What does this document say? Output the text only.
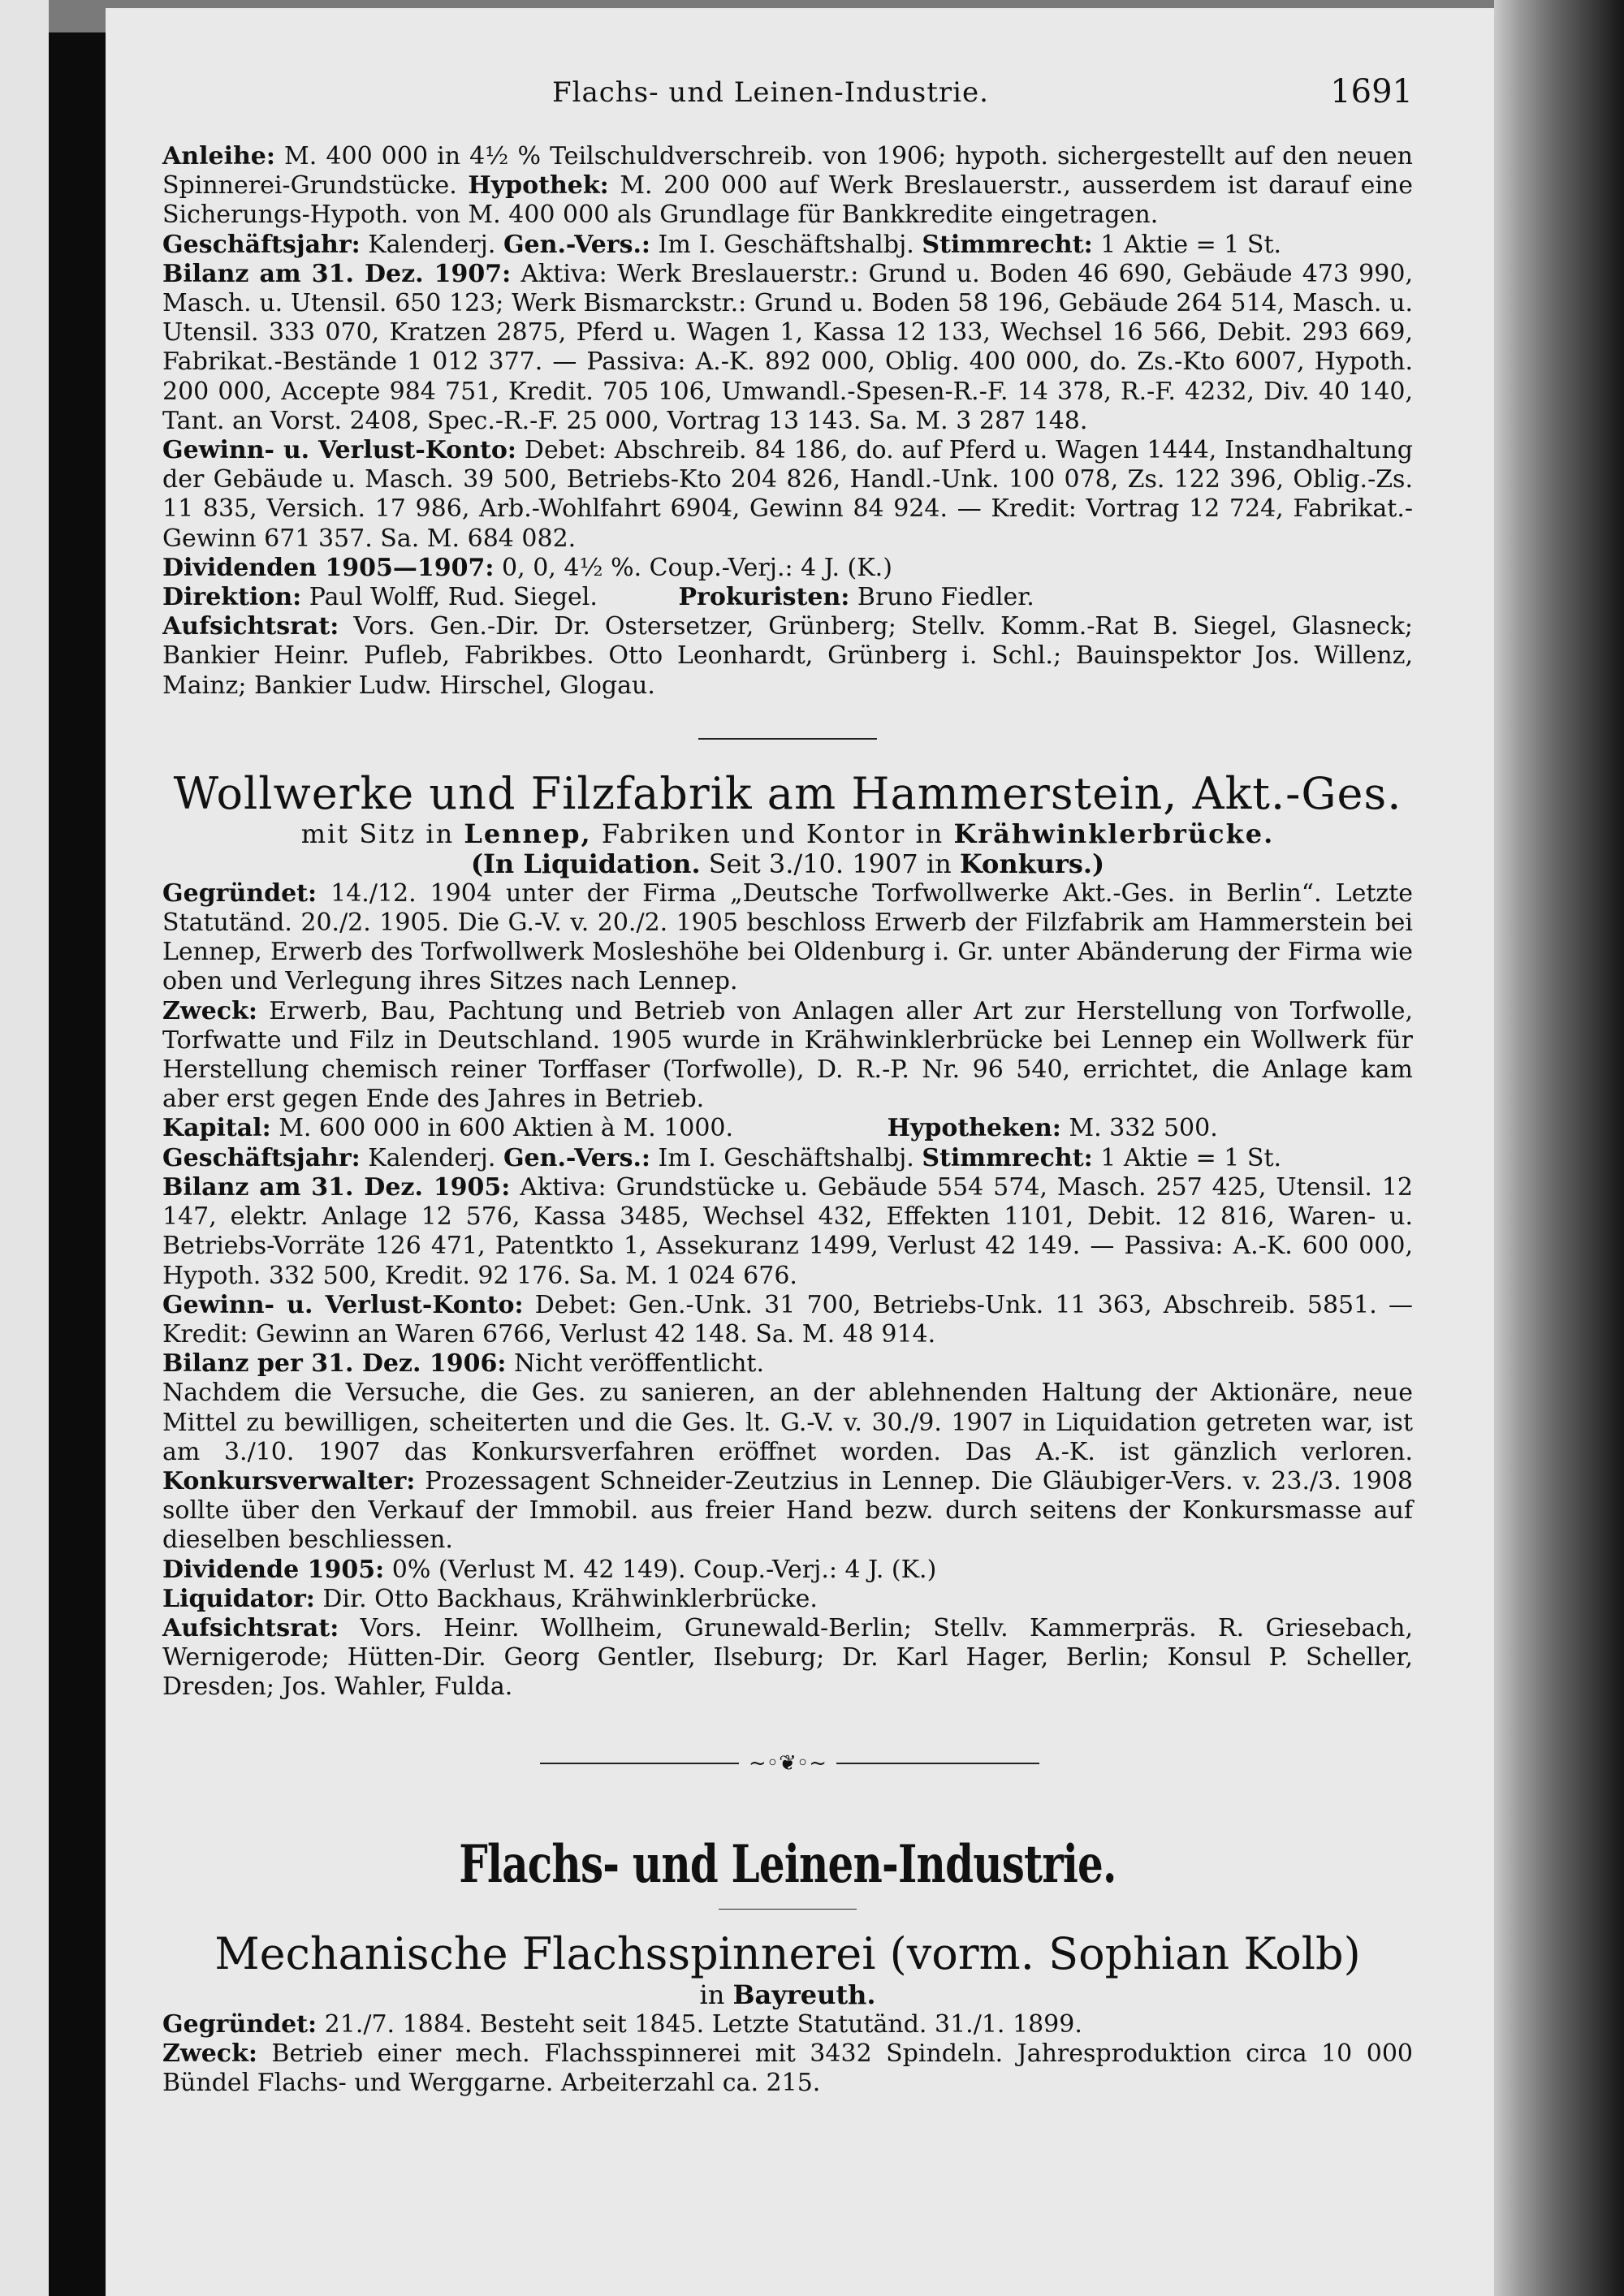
Flachs- und Leinen-Industrie.	1691

Anleihe: M. 400 000 in 4½ % Teilschuldverschreib. von 1906; hypoth. sichergestellt auf den neuen Spinnerei-Grundstücke. Hypothek: M. 200 000 auf Werk Breslauerstr., ausserdem ist darauf eine Sicherungs-Hypoth. von M. 400 000 als Grundlage für Bankkredite eingetragen.

Geschäftsjahr: Kalenderj. Gen.-Vers.: Im I. Geschäftshalbj. Stimmrecht: 1 Aktie = 1 St.

Bilanz am 31. Dez. 1907: Aktiva: Werk Breslauerstr.: Grund u. Boden 46 690, Gebäude 473 990, Masch. u. Utensil. 650 123; Werk Bismarckstr.: Grund u. Boden 58 196, Gebäude 264 514, Masch. u. Utensil. 333 070, Kratzen 2875, Pferd u. Wagen 1, Kassa 12 133, Wechsel 16 566, Debit. 293 669, Fabrikat.-Bestände 1 012 377. — Passiva: A.-K. 892 000, Oblig. 400 000, do. Zs.-Kto 6007, Hypoth. 200 000, Accepte 984 751, Kredit. 705 106, Umwandl.-Spesen-R.-F. 14 378, R.-F. 4232, Div. 40 140, Tant. an Vorst. 2408, Spec.-R.-F. 25 000, Vortrag 13 143. Sa. M. 3 287 148.

Gewinn- u. Verlust-Konto: Debet: Abschreib. 84 186, do. auf Pferd u. Wagen 1444, Instandhaltung der Gebäude u. Masch. 39 500, Betriebs-Kto 204 826, Handl.-Unk. 100 078, Zs. 122 396, Oblig.-Zs. 11 835, Versich. 17 986, Arb.-Wohlfahrt 6904, Gewinn 84 924. — Kredit: Vortrag 12 724, Fabrikat.-Gewinn 671 357. Sa. M. 684 082.

Dividenden 1905—1907: 0, 0, 4½ %. Coup.-Verj.: 4 J. (K.)

Direktion: Paul Wolff, Rud. Siegel.	Prokuristen: Bruno Fiedler.

Aufsichtsrat: Vors. Gen.-Dir. Dr. Ostersetzer, Grünberg; Stellv. Komm.-Rat B. Siegel, Glasneck; Bankier Heinr. Pufleb, Fabrikbes. Otto Leonhardt, Grünberg i. Schl.; Bauinspektor Jos. Willenz, Mainz; Bankier Ludw. Hirschel, Glogau.

Wollwerke und Filzfabrik am Hammerstein, Akt.-Ges.

mit Sitz in Lennep, Fabriken und Kontor in Krähwinklerbrücke.

(In Liquidation. Seit 3./10. 1907 in Konkurs.)

Gegründet: 14./12. 1904 unter der Firma „Deutsche Torfwollwerke Akt.-Ges. in Berlin“. Letzte Statutänd. 20./2. 1905. Die G.-V. v. 20./2. 1905 beschloss Erwerb der Filzfabrik am Hammerstein bei Lennep, Erwerb des Torfwollwerk Mosleshöhe bei Oldenburg i. Gr. unter Abänderung der Firma wie oben und Verlegung ihres Sitzes nach Lennep.

Zweck: Erwerb, Bau, Pachtung und Betrieb von Anlagen aller Art zur Herstellung von Torfwolle, Torfwatte und Filz in Deutschland. 1905 wurde in Krähwinklerbrücke bei Lennep ein Wollwerk für Herstellung chemisch reiner Torffaser (Torfwolle), D. R.-P. Nr. 96 540, errichtet, die Anlage kam aber erst gegen Ende des Jahres in Betrieb.

Kapital: M. 600 000 in 600 Aktien à M. 1000.	Hypotheken: M. 332 500.

Geschäftsjahr: Kalenderj. Gen.-Vers.: Im I. Geschäftshalbj. Stimmrecht: 1 Aktie = 1 St.

Bilanz am 31. Dez. 1905: Aktiva: Grundstücke u. Gebäude 554 574, Masch. 257 425, Utensil. 12 147, elektr. Anlage 12 576, Kassa 3485, Wechsel 432, Effekten 1101, Debit. 12 816, Waren- u. Betriebs-Vorräte 126 471, Patentkto 1, Assekuranz 1499, Verlust 42 149. — Passiva: A.-K. 600 000, Hypoth. 332 500, Kredit. 92 176. Sa. M. 1 024 676.

Gewinn- u. Verlust-Konto: Debet: Gen.-Unk. 31 700, Betriebs-Unk. 11 363, Abschreib. 5851. — Kredit: Gewinn an Waren 6766, Verlust 42 148. Sa. M. 48 914.

Bilanz per 31. Dez. 1906: Nicht veröffentlicht.

Nachdem die Versuche, die Ges. zu sanieren, an der ablehnenden Haltung der Aktionäre, neue Mittel zu bewilligen, scheiterten und die Ges. lt. G.-V. v. 30./9. 1907 in Liquidation getreten war, ist am 3./10. 1907 das Konkursverfahren eröffnet worden. Das A.-K. ist gänzlich verloren. Konkursverwalter: Prozessagent Schneider-Zeutzius in Lennep. Die Gläubiger-Vers. v. 23./3. 1908 sollte über den Verkauf der Immobil. aus freier Hand bezw. durch seitens der Konkursmasse auf dieselben beschliessen.

Dividende 1905: 0% (Verlust M. 42 149). Coup.-Verj.: 4 J. (K.)

Liquidator: Dir. Otto Backhaus, Krähwinklerbrücke.

Aufsichtsrat: Vors. Heinr. Wollheim, Grunewald-Berlin; Stellv. Kammerpräs. R. Griesebach, Wernigerode; Hütten-Dir. Georg Gentler, Ilseburg; Dr. Karl Hager, Berlin; Konsul P. Scheller, Dresden; Jos. Wahler, Fulda.

~◦❦◦~

Flachs- und Leinen-Industrie.

Mechanische Flachsspinnerei (vorm. Sophian Kolb)

in Bayreuth.

Gegründet: 21./7. 1884. Besteht seit 1845. Letzte Statutänd. 31./1. 1899.

Zweck: Betrieb einer mech. Flachsspinnerei mit 3432 Spindeln. Jahresproduktion circa 10 000 Bündel Flachs- und Werggarne. Arbeiterzahl ca. 215.
